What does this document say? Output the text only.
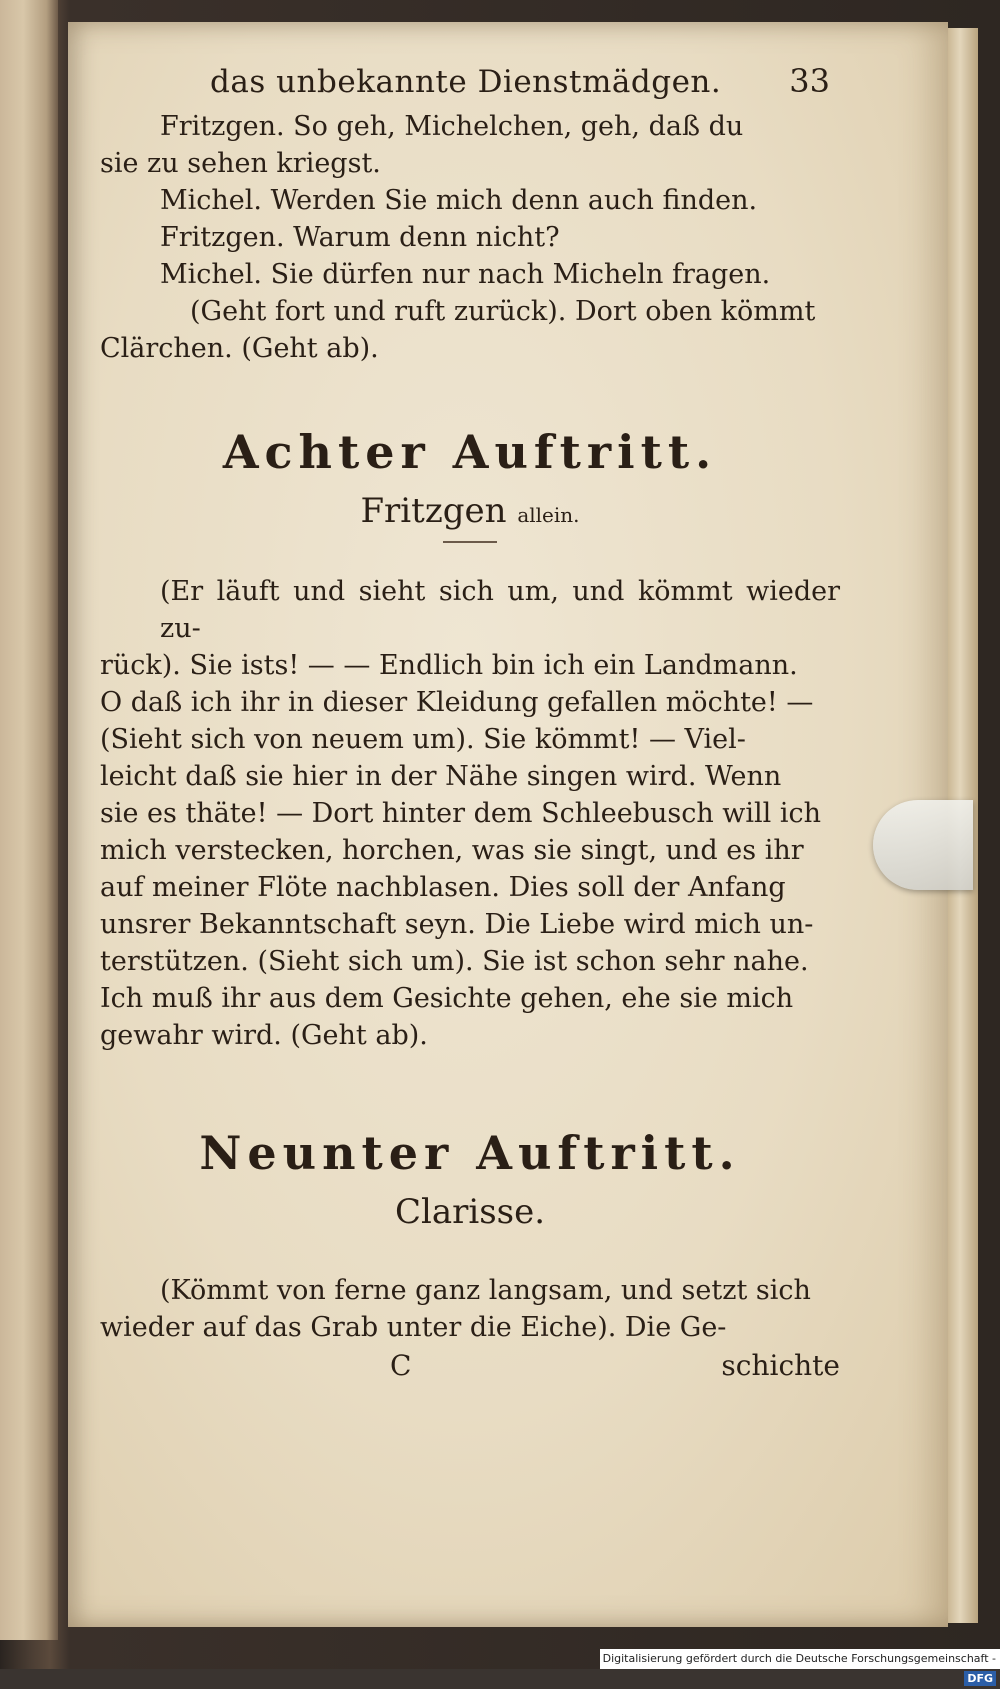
das unbekannte Dienstmädgen. 33

Fritzgen. So geh, Michelchen, geh, daß du

sie zu sehen kriegst.

Michel. Werden Sie mich denn auch finden.

Fritzgen. Warum denn nicht?

Michel. Sie dürfen nur nach Micheln fragen.

(Geht fort und ruft zurück). Dort oben kömmt

Clärchen. (Geht ab).

Achter Auftritt.
Fritzgen allein.

(Er läuft und sieht sich um, und kömmt wieder zu-

rück). Sie ists! — — Endlich bin ich ein Landmann.

O daß ich ihr in dieser Kleidung gefallen möchte! —

(Sieht sich von neuem um). Sie kömmt! — Viel-

leicht daß sie hier in der Nähe singen wird. Wenn

sie es thäte! — Dort hinter dem Schleebusch will ich

mich verstecken, horchen, was sie singt, und es ihr

auf meiner Flöte nachblasen. Dies soll der Anfang

unsrer Bekanntschaft seyn. Die Liebe wird mich un-

terstützen. (Sieht sich um). Sie ist schon sehr nahe.

Ich muß ihr aus dem Gesichte gehen, ehe sie mich

gewahr wird. (Geht ab).

Neunter Auftritt.
Clarisse.

(Kömmt von ferne ganz langsam, und setzt sich

wieder auf das Grab unter die Eiche). Die Ge-

C	schichte
Digitalisierung gefördert durch die Deutsche Forschungsgemeinschaft -DFG
